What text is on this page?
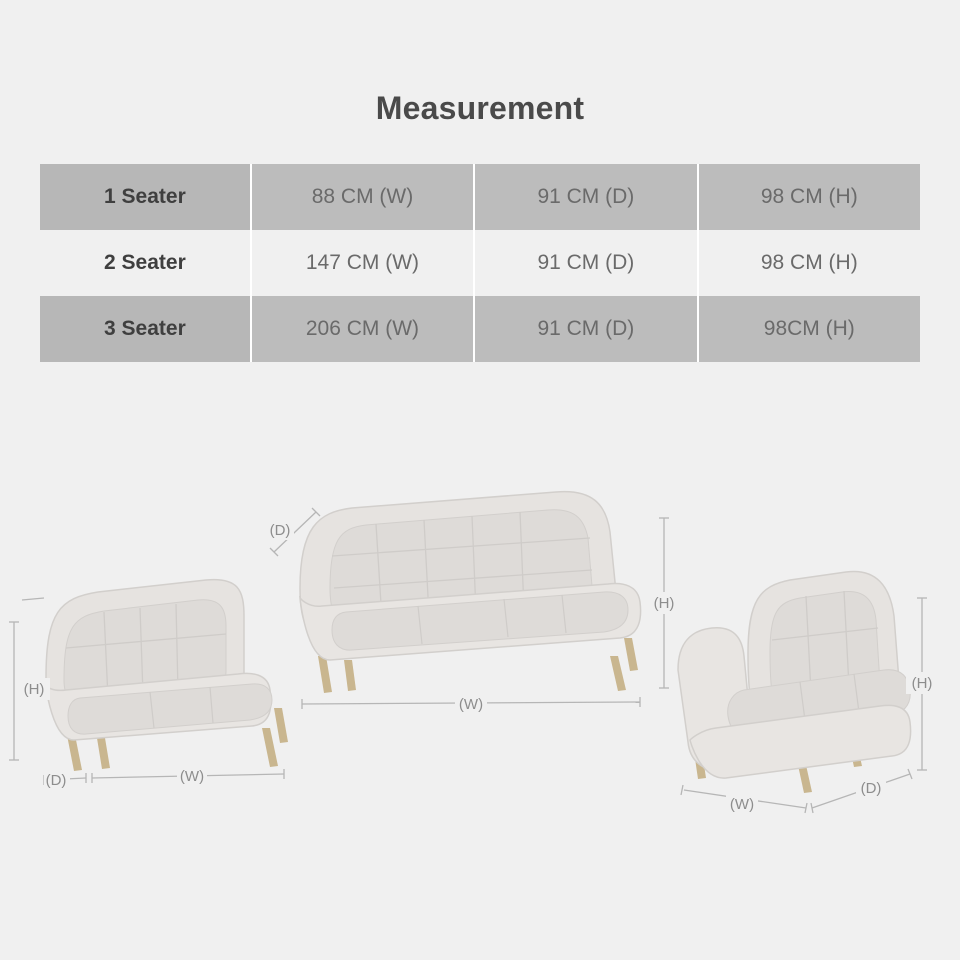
Measurement
1 Seater	88 CM (W)	91 CM (D)	98 CM (H)
2 Seater	147 CM (W)	91 CM (D)	98 CM (H)
3 Seater	206 CM (W)	91 CM (D)	98CM (H)
(H)
(D)	(W)
(D)
(H)
(W)
(H)
(W)
(D)
